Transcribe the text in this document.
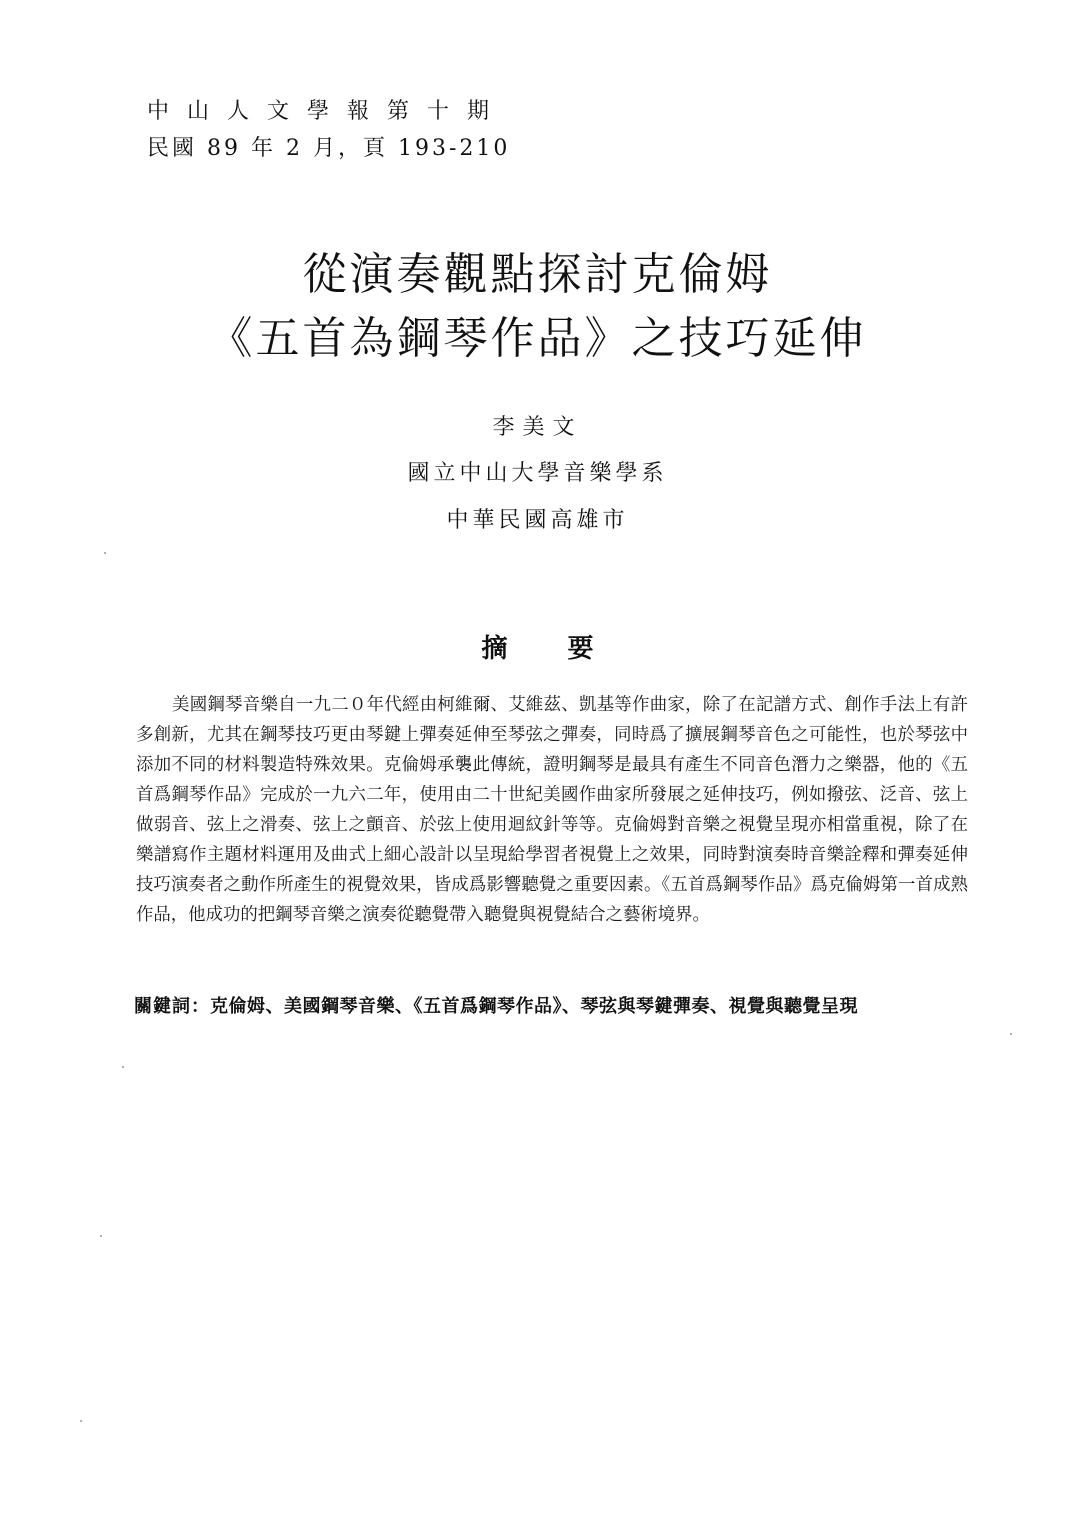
中山人文學報第十期
民國 89 年 2 月，頁 193-210
從演奏觀點探討克倫姆
《五首為鋼琴作品》之技巧延伸
李美文
國立中山大學音樂學系
中華民國高雄市
摘要
美國鋼琴音樂自一九二０年代經由柯維爾、艾維茲、凱基等作曲家，除了在記譜方式、創作手法上有許多創新，尤其在鋼琴技巧更由琴鍵上彈奏延伸至琴弦之彈奏，同時爲了擴展鋼琴音色之可能性，也於琴弦中添加不同的材料製造特殊效果。克倫姆承襲此傳統，證明鋼琴是最具有產生不同音色潛力之樂器，他的《五首爲鋼琴作品》完成於一九六二年，使用由二十世紀美國作曲家所發展之延伸技巧，例如撥弦、泛音、弦上做弱音、弦上之滑奏、弦上之顫音、於弦上使用迴紋針等等。克倫姆對音樂之視覺呈現亦相當重視，除了在樂譜寫作主題材料運用及曲式上細心設計以呈現給學習者視覺上之效果，同時對演奏時音樂詮釋和彈奏延伸技巧演奏者之動作所產生的視覺效果，皆成爲影響聽覺之重要因素。《五首爲鋼琴作品》爲克倫姆第一首成熟作品，他成功的把鋼琴音樂之演奏從聽覺帶入聽覺與視覺結合之藝術境界。
關鍵詞：克倫姆、美國鋼琴音樂、《五首爲鋼琴作品》、琴弦與琴鍵彈奏、視覺與聽覺呈現
